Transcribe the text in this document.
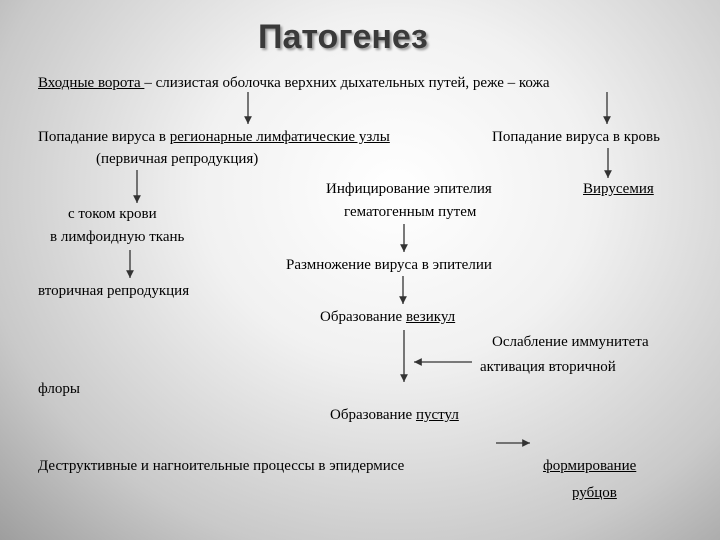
Патогенез
Входные ворота – слизистая оболочка верхних дыхательных путей, реже – кожа
Попадание вируса в регионарные лимфатические узлы
(первичная репродукция)
Попадание вируса в кровь
Инфицирование эпителия
гематогенным путем
Вирусемия
с током крови
в лимфоидную ткань
Размножение вируса в эпителии
вторичная репродукция
Образование везикул
Ослабление иммунитета
активация вторичной
флоры
Образование пустул
Деструктивные и нагноительные процессы в эпидермисе	формирование
рубцов
